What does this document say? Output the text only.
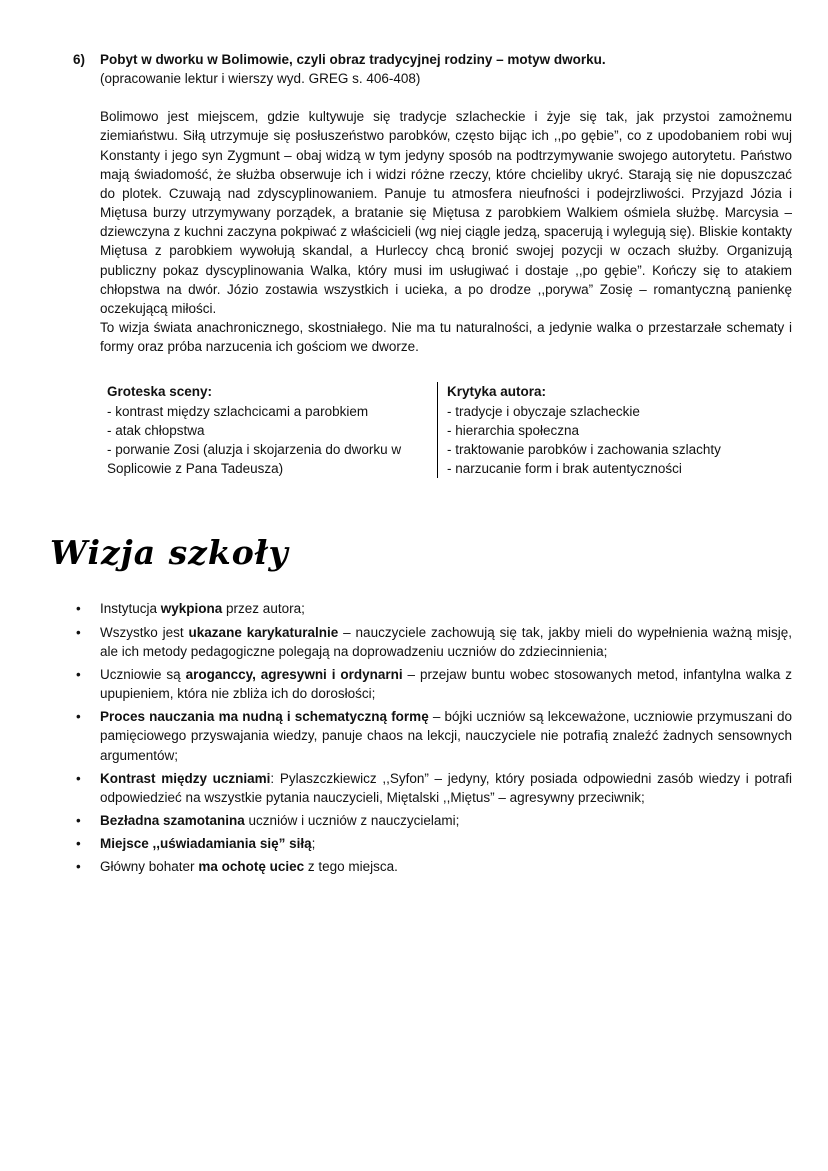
6)	Pobyt w dworku w Bolimowie, czyli obraz tradycyjnej rodziny – motyw dworku.
(opracowanie lektur i wierszy wyd. GREG s. 406-408)

Bolimowo jest miejscem, gdzie kultywuje się tradycje szlacheckie i żyje się tak, jak przystoi zamożnemu ziemiaństwu. Siłą utrzymuje się posłuszeństwo parobków, często bijąc ich ,,po gębie”, co z upodobaniem robi wuj Konstanty i jego syn Zygmunt – obaj widzą w tym jedyny sposób na podtrzymywanie swojego autorytetu. Państwo mają świadomość, że służba obserwuje ich i widzi różne rzeczy, które chcieliby ukryć. Starają się nie dopuszczać do plotek. Czuwają nad zdyscyplinowaniem. Panuje tu atmosfera nieufności i podejrzliwości. Przyjazd Józia i Miętusa burzy utrzymywany porządek, a bratanie się Miętusa z parobkiem Walkiem ośmiela służbę. Marcysia – dziewczyna z kuchni zaczyna pokpiwać z właścicieli (wg niej ciągle jedzą, spacerują i wylegują się). Bliskie kontakty Miętusa z parobkiem wywołują skandal, a Hurleccy chcą bronić swojej pozycji w oczach służby. Organizują publiczny pokaz dyscyplinowania Walka, który musi im usługiwać i dostaje ,,po gębie”. Kończy się to atakiem chłopstwa na dwór. Józio zostawia wszystkich i ucieka, a po drodze ,,porywa” Zosię – romantyczną panienkę oczekującą miłości.

To wizja świata anachronicznego, skostniałego. Nie ma tu naturalności, a jedynie walka o przestarzałe schematy i formy oraz próba narzucenia ich gościom we dworze.

Groteska sceny:
- kontrast między szlachcicami a parobkiem
- atak chłopstwa
- porwanie Zosi (aluzja i skojarzenia do dworku w Soplicowie z Pana Tadeusza)
Krytyka autora:
- tradycje i obyczaje szlacheckie
- hierarchia społeczna
- traktowanie parobków i zachowania szlachty
- narzucanie form i brak autentyczności
Wizja szkoły
• Instytucja wykpiona przez autora;
• Wszystko jest ukazane karykaturalnie – nauczyciele zachowują się tak, jakby mieli do wypełnienia ważną misję, ale ich metody pedagogiczne polegają na doprowadzeniu uczniów do zdziecinnienia;
• Uczniowie są aroganccy, agresywni i ordynarni – przejaw buntu wobec stosowanych metod, infantylna walka z upupieniem, która nie zbliża ich do dorosłości;
• Proces nauczania ma nudną i schematyczną formę – bójki uczniów są lekceważone, uczniowie przymuszani do pamięciowego przyswajania wiedzy, panuje chaos na lekcji, nauczyciele nie potrafią znaleźć żadnych sensownych argumentów;
• Kontrast między uczniami: Pylaszczkiewicz ,,Syfon” – jedyny, który posiada odpowiedni zasób wiedzy i potrafi odpowiedzieć na wszystkie pytania nauczycieli, Miętalski ,,Miętus” – agresywny przeciwnik;
• Bezładna szamotanina uczniów i uczniów z nauczycielami;
• Miejsce ,,uświadamiania się” siłą;
• Główny bohater ma ochotę uciec z tego miejsca.
